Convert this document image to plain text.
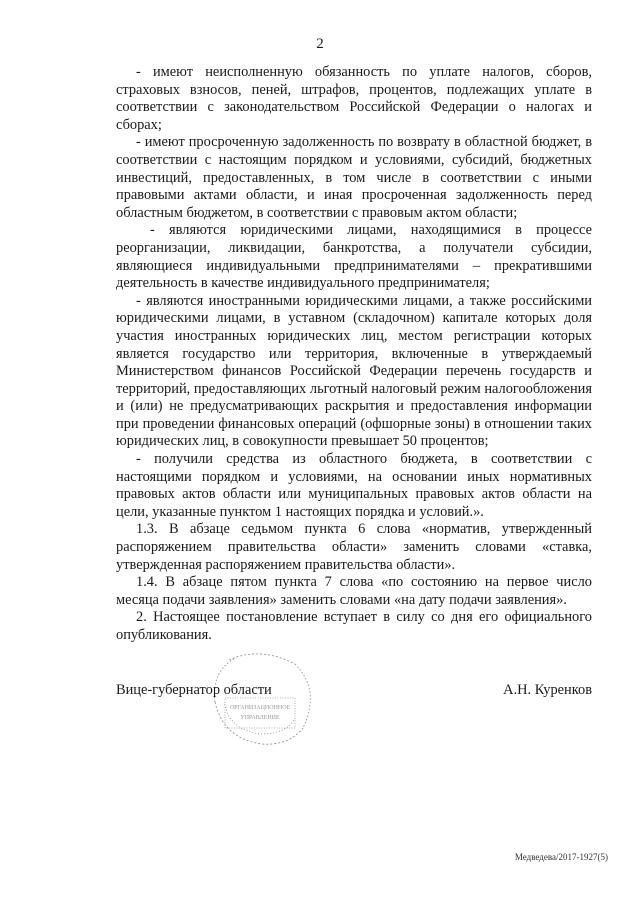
2

- имеют неисполненную обязанность по уплате налогов, сборов, страховых взносов, пеней, штрафов, процентов, подлежащих уплате в соответствии с законодательством Российской Федерации о налогах и сборах;

- имеют просроченную задолженность по возврату в областной бюджет, в соответствии с настоящим порядком и условиями, субсидий, бюджетных инвестиций, предоставленных, в том числе в соответствии с иными правовыми актами области, и иная просроченная задолженность перед областным бюджетом, в соответствии с правовым актом области;

- являются юридическими лицами, находящимися в процессе реорганизации, ликвидации, банкротства, а получатели субсидии, являющиеся индивидуальными предпринимателями – прекратившими деятельность в качестве индивидуального предпринимателя;

- являются иностранными юридическими лицами, а также российскими юридическими лицами, в уставном (складочном) капитале которых доля участия иностранных юридических лиц, местом регистрации которых является государство или территория, включенные в утверждаемый Министерством финансов Российской Федерации перечень государств и территорий, предоставляющих льготный налоговый режим налогообложения и (или) не предусматривающих раскрытия и предоставления информации при проведении финансовых операций (офшорные зоны) в отношении таких юридических лиц, в совокупности превышает 50 процентов;

- получили средства из областного бюджета, в соответствии с настоящими порядком и условиями, на основании иных нормативных правовых актов области или муниципальных правовых актов области на цели, указанные пунктом 1 настоящих порядка и условий.».

1.3. В абзаце седьмом пункта 6 слова «норматив, утвержденный распоряжением правительства области» заменить словами «ставка, утвержденная распоряжением правительства области».

1.4. В абзаце пятом пункта 7 слова «по состоянию на первое число месяца подачи заявления» заменить словами «на дату подачи заявления».

2. Настоящее постановление вступает в силу со дня его официального опубликования.

ОРГАНИЗАЦИОННОЕ
УПРАВЛЕНИЕ
Вице-губернатор области	А.Н. Куренков
Медведева/2017-1927(5)
